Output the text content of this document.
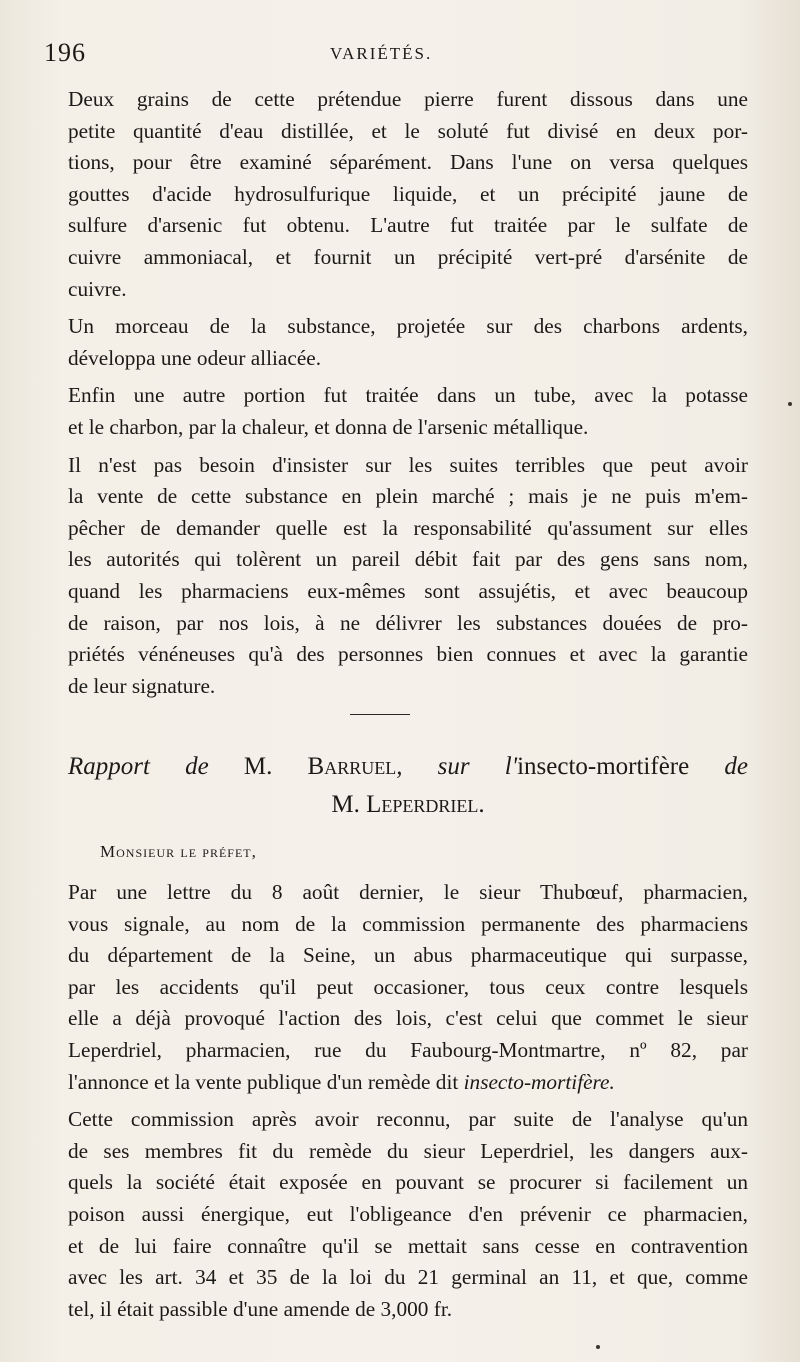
196	VARIÉTÉS.
Deux grains de cette prétendue pierre furent dissous dans une
petite quantité d'eau distillée, et le soluté fut divisé en deux por-
tions, pour être examiné séparément. Dans l'une on versa quelques
gouttes d'acide hydrosulfurique liquide, et un précipité jaune de
sulfure d'arsenic fut obtenu. L'autre fut traitée par le sulfate de
cuivre ammoniacal, et fournit un précipité vert-pré d'arsénite de
cuivre.
Un morceau de la substance, projetée sur des charbons ardents,
développa une odeur alliacée.
Enfin une autre portion fut traitée dans un tube, avec la potasse
et le charbon, par la chaleur, et donna de l'arsenic métallique.
Il n'est pas besoin d'insister sur les suites terribles que peut avoir
la vente de cette substance en plein marché ; mais je ne puis m'em-
pêcher de demander quelle est la responsabilité qu'assument sur elles
les autorités qui tolèrent un pareil débit fait par des gens sans nom,
quand les pharmaciens eux-mêmes sont assujétis, et avec beaucoup
de raison, par nos lois, à ne délivrer les substances douées de pro-
priétés vénéneuses qu'à des personnes bien connues et avec la garantie
de leur signature.
Rapport de M. Barruel, sur l'insecto-mortifère de
M. Leperdriel.
Monsieur le préfet,
Par une lettre du 8 août dernier, le sieur Thubœuf, pharmacien,
vous signale, au nom de la commission permanente des pharmaciens
du département de la Seine, un abus pharmaceutique qui surpasse,
par les accidents qu'il peut occasioner, tous ceux contre lesquels
elle a déjà provoqué l'action des lois, c'est celui que commet le sieur
Leperdriel, pharmacien, rue du Faubourg-Montmartre, nº 82, par
l'annonce et la vente publique d'un remède dit insecto-mortifère.
Cette commission après avoir reconnu, par suite de l'analyse qu'un
de ses membres fit du remède du sieur Leperdriel, les dangers aux-
quels la société était exposée en pouvant se procurer si facilement un
poison aussi énergique, eut l'obligeance d'en prévenir ce pharmacien,
et de lui faire connaître qu'il se mettait sans cesse en contravention
avec les art. 34 et 35 de la loi du 21 germinal an 11, et que, comme
tel, il était passible d'une amende de 3,000 fr.
